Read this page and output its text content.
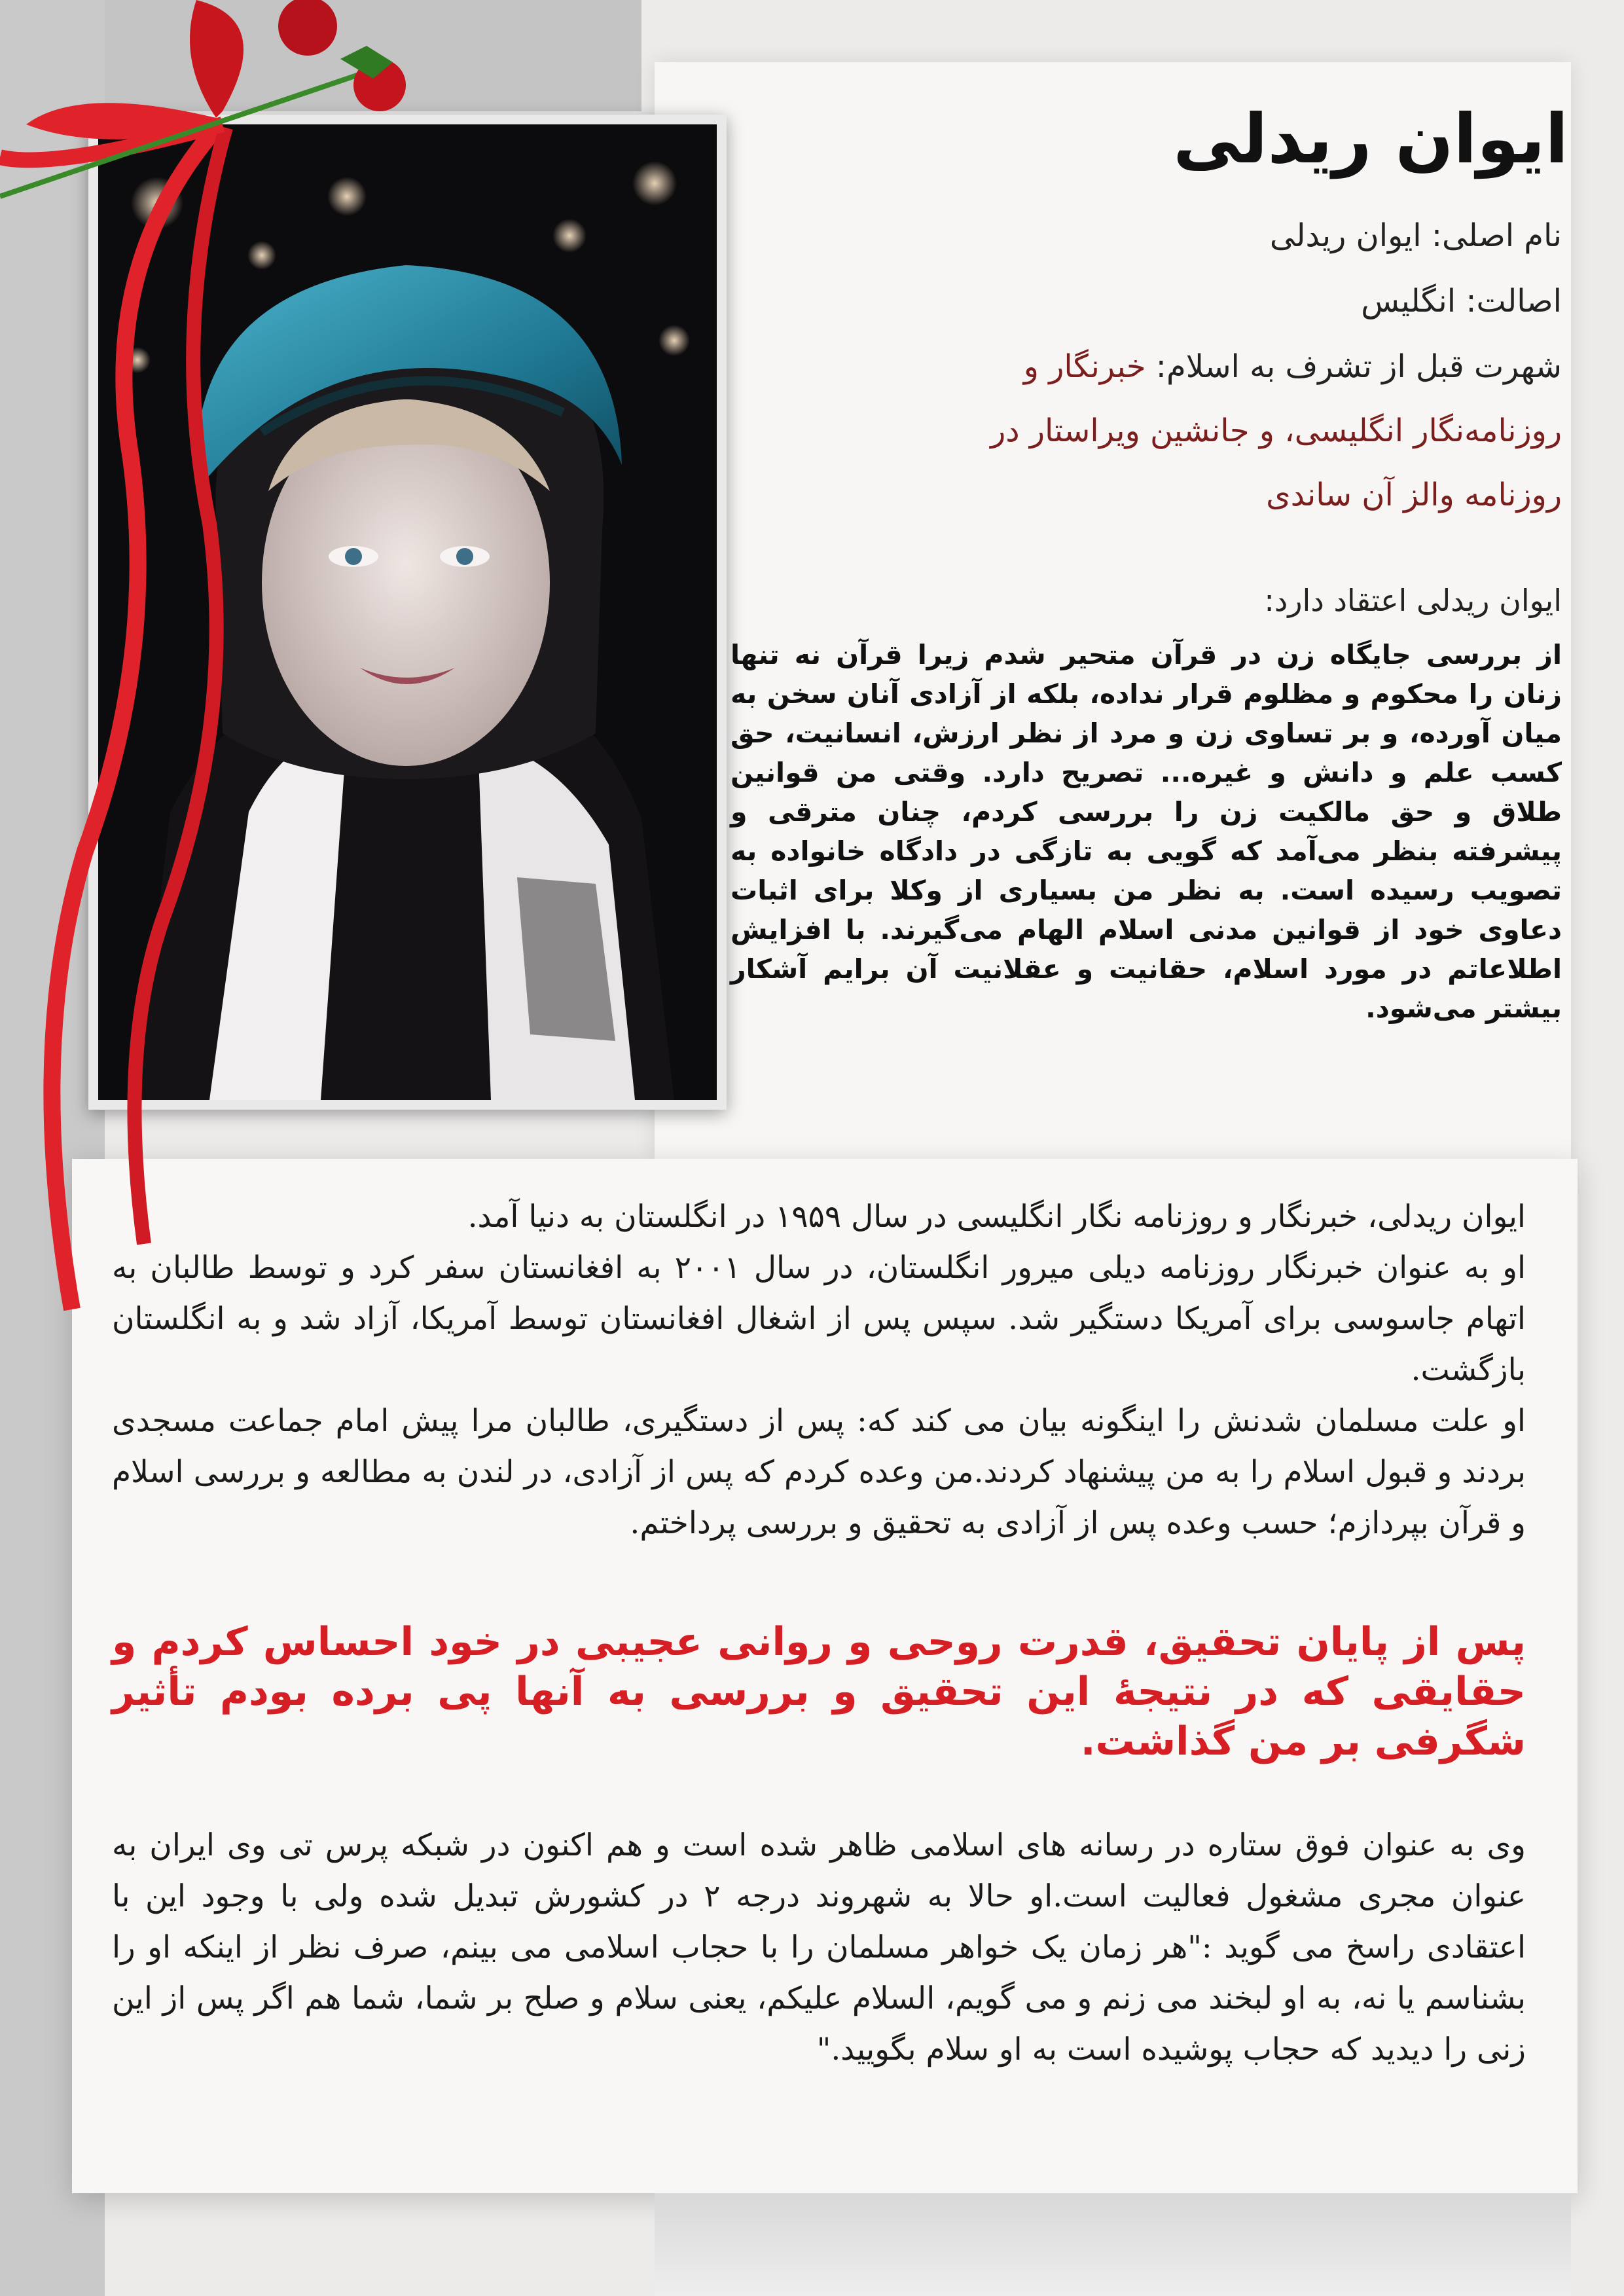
ایوان ریدلی
نام اصلی: ایوان ریدلی
اصالت: انگلیس
شهرت قبل از تشرف به اسلام: خبرنگار و
روزنامه‌نگار انگلیسی، و جانشین ویراستار در
روزنامه والز آن ساندی
ایوان ریدلی اعتقاد دارد:
از بررسی جایگاه زن در قرآن متحیر شدم زیرا قرآن نه تنها زنان را محکوم و مظلوم قرار نداده، بلکه از آزادی آنان سخن به میان آورده، و بر تساوی زن و مرد از نظر ارزش، انسانیت، حق کسب علم و دانش و غیره... تصریح دارد. وقتی من قوانین طلاق و حق مالکیت زن را بررسی کردم، چنان مترقی و پیشرفته بنظر می‌آمد که گویی به تازگی در دادگاه خانواده به تصویب رسیده است. به نظر من بسیاری از وکلا برای اثبات دعاوی خود از قوانین مدنی اسلام الهام می‌گیرند. با افزایش اطلاعاتم در مورد اسلام، حقانیت و عقلانیت آن برایم آشکار بیشتر می‌شود.

ایوان ریدلی، خبرنگار و روزنامه نگار انگلیسی در سال ۱۹۵۹ در انگلستان به دنیا آمد.

او به عنوان خبرنگار روزنامه دیلی میرور انگلستان، در سال ۲۰۰۱ به افغانستان سفر کرد و توسط طالبان به اتهام جاسوسی برای آمریکا دستگیر شد. سپس پس از اشغال افغانستان توسط آمریکا، آزاد شد و به انگلستان بازگشت.

او علت مسلمان شدنش را اینگونه بیان می کند که: پس از دستگیری، طالبان مرا پیش امام جماعت مسجدی بردند و قبول اسلام را به من پیشنهاد کردند.من وعده کردم که پس از آزادی، در لندن به مطالعه و بررسی اسلام و قرآن بپردازم؛ حسب وعده پس از آزادی به تحقیق و بررسی پرداختم.

پس از پایان تحقیق، قدرت روحی و روانی عجیبی در خود احساس کردم و حقایقی که در نتیجهٔ این تحقیق و بررسی به آنها پی برده بودم تأثیر شگرفی بر من گذاشت.
وی به عنوان فوق ستاره در رسانه های اسلامی ظاهر شده است و هم اکنون در شبکه پرس تی وی ایران به عنوان مجری مشغول فعالیت است.او حالا به شهروند درجه ۲ در کشورش تبدیل شده ولی با وجود این با اعتقادی راسخ می گوید :"هر زمان یک خواهر مسلمان را با حجاب اسلامی می بینم، صرف نظر از اینکه او را بشناسم یا نه، به او لبخند می زنم و می گویم، السلام علیکم، یعنی سلام و صلح بر شما، شما هم اگر پس از این زنی را دیدید که حجاب پوشیده است به او سلام بگویید."
